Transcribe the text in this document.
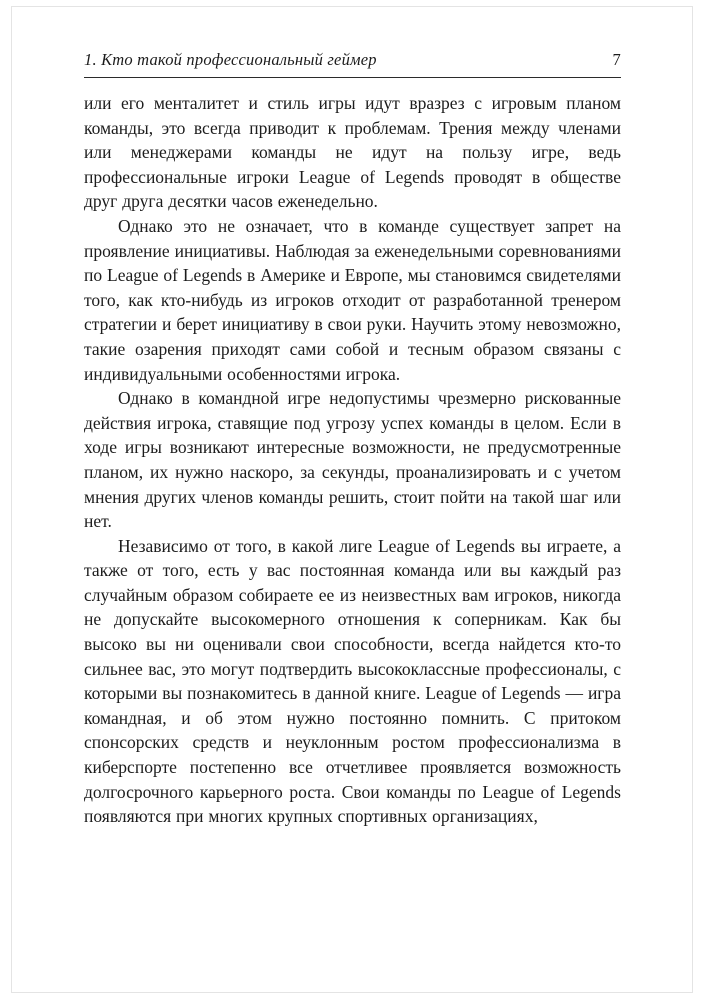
1. Кто такой профессиональный геймер	7

или его менталитет и стиль игры идут вразрез с игровым планом команды, это всегда приводит к проблемам. Трения между членами или менеджерами команды не идут на пользу игре, ведь профессиональные игроки League of Legends проводят в обществе друг друга десятки часов еженедельно.

Однако это не означает, что в команде существует запрет на проявление инициативы. Наблюдая за еженедельными соревнованиями по League of Legends в Америке и Европе, мы становимся свидетелями того, как кто-нибудь из игроков отходит от разработанной тренером стратегии и берет инициативу в свои руки. Научить этому невозможно, такие озарения приходят сами собой и тесным образом связаны с индивидуальными особенностями игрока.

Однако в командной игре недопустимы чрезмерно рискованные действия игрока, ставящие под угрозу успех команды в целом. Если в ходе игры возникают интересные возможности, не предусмотренные планом, их нужно наскоро, за секунды, проанализировать и с учетом мнения других членов команды решить, стоит пойти на такой шаг или нет.

Независимо от того, в какой лиге League of Legends вы играете, а также от того, есть у вас постоянная команда или вы каждый раз случайным образом собираете ее из неизвестных вам игроков, никогда не допускайте высокомерного отношения к соперникам. Как бы высоко вы ни оценивали свои способности, всегда найдется кто-то сильнее вас, это могут подтвердить высококлассные профессионалы, с которыми вы познакомитесь в данной книге. League of Legends — игра командная, и об этом нужно постоянно помнить. С притоком спонсорских средств и неуклонным ростом профессионализма в киберспорте постепенно все отчетливее проявляется возможность долгосрочного карьерного роста. Свои команды по League of Legends появляются при многих крупных спортивных организациях,
